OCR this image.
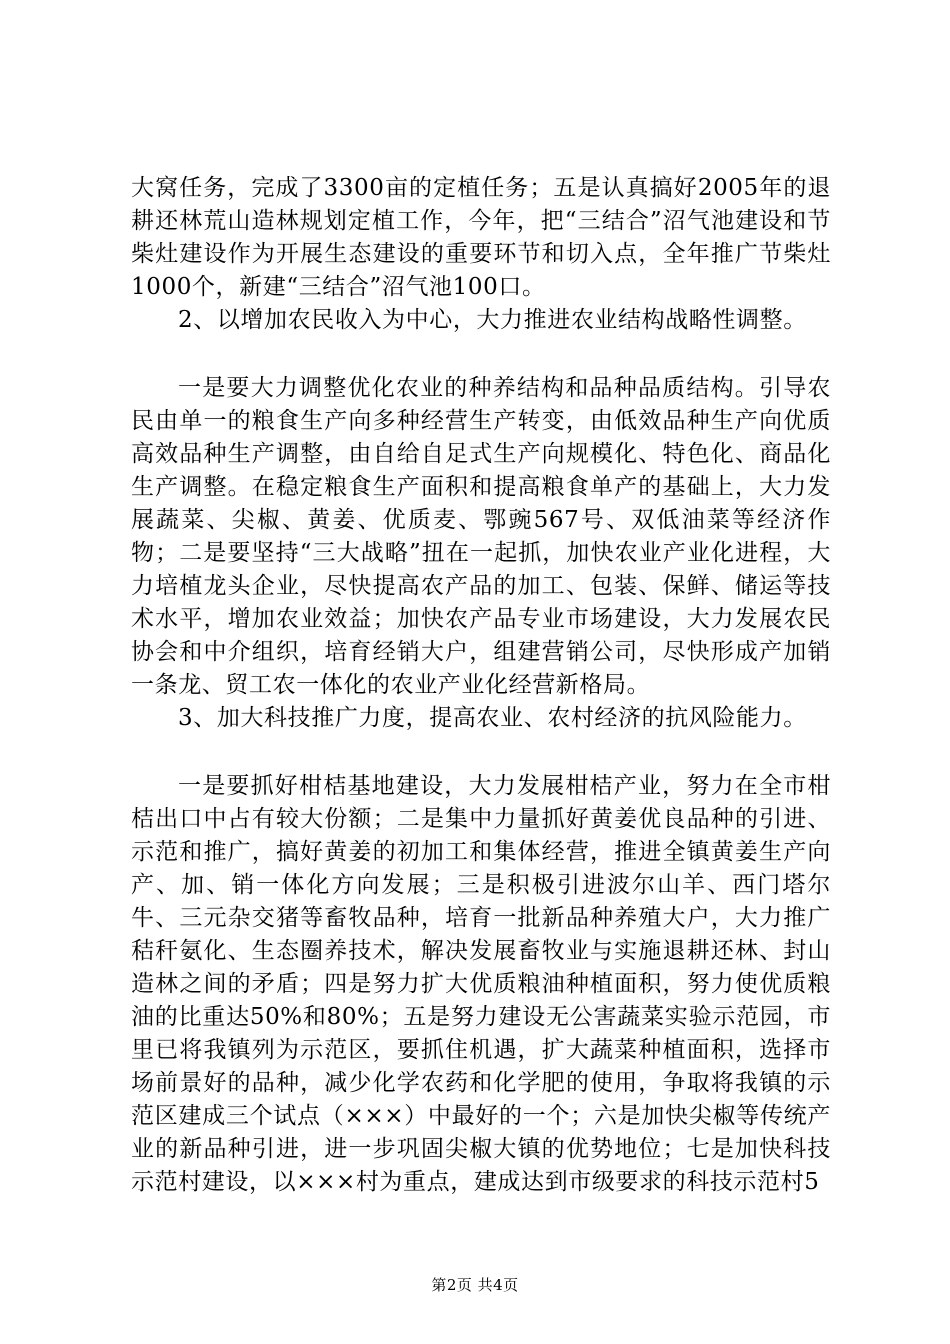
大窝任务，完成了3300亩的定植任务；五是认真搞好2005年的退耕还林荒山造林规划定植工作，今年，把“三结合”沼气池建设和节柴灶建设作为开展生态建设的重要环节和切入点，全年推广节柴灶1000个，新建“三结合”沼气池100口。

2、以增加农民收入为中心，大力推进农业结构战略性调整。

一是要大力调整优化农业的种养结构和品种品质结构。引导农民由单一的粮食生产向多种经营生产转变，由低效品种生产向优质高效品种生产调整，由自给自足式生产向规模化、特色化、商品化生产调整。在稳定粮食生产面积和提高粮食单产的基础上，大力发展蔬菜、尖椒、黄姜、优质麦、鄂豌567号、双低油菜等经济作物；二是要坚持“三大战略”扭在一起抓，加快农业产业化进程，大力培植龙头企业，尽快提高农产品的加工、包装、保鲜、储运等技术水平，增加农业效益；加快农产品专业市场建设，大力发展农民协会和中介组织，培育经销大户，组建营销公司，尽快形成产加销一条龙、贸工农一体化的农业产业化经营新格局。

3、加大科技推广力度，提高农业、农村经济的抗风险能力。

一是要抓好柑桔基地建设，大力发展柑桔产业，努力在全市柑桔出口中占有较大份额；二是集中力量抓好黄姜优良品种的引进、示范和推广，搞好黄姜的初加工和集体经营，推进全镇黄姜生产向产、加、销一体化方向发展；三是积极引进波尔山羊、西门塔尔牛、三元杂交猪等畜牧品种，培育一批新品种养殖大户，大力推广秸秆氨化、生态圈养技术，解决发展畜牧业与实施退耕还林、封山造林之间的矛盾；四是努力扩大优质粮油种植面积，努力使优质粮油的比重达50%和80%；五是努力建设无公害蔬菜实验示范园，市里已将我镇列为示范区，要抓住机遇，扩大蔬菜种植面积，选择市场前景好的品种，减少化学农药和化学肥的使用，争取将我镇的示范区建成三个试点（×××）中最好的一个；六是加快尖椒等传统产业的新品种引进，进一步巩固尖椒大镇的优势地位；七是加快科技示范村建设，以×××村为重点，建成达到市级要求的科技示范村5

第2页 共4页
